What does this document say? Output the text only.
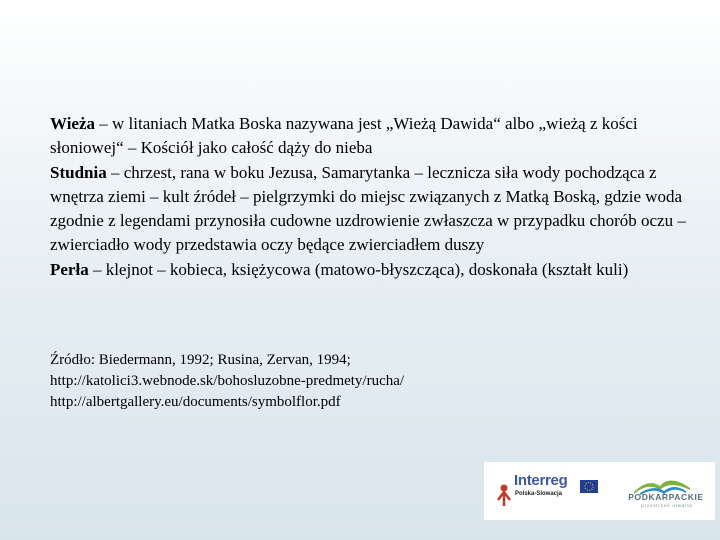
Wieża – w litaniach Matka Boska nazywana jest „Wieżą Dawida“ albo „wieżą z kości słoniowej“ – Kościół jako całość dąży do nieba

Studnia – chrzest, rana w boku Jezusa, Samarytanka – lecznicza siła wody pochodząca z wnętrza ziemi – kult źródeł – pielgrzymki do miejsc związanych z Matką Boską, gdzie woda zgodnie z legendami przynosiła cudowne uzdrowienie zwłaszcza w przypadku chorób oczu – zwierciadło wody przedstawia oczy będące zwierciadłem duszy

Perła – klejnot – kobieca, księżycowa (matowo-błyszcząca), doskonała (kształt kuli)

Źródło: Biedermann, 1992; Rusina, Zervan, 1994;
http://katolici3.webnode.sk/bohosluzobne-predmety/rucha/
http://albertgallery.eu/documents/symbolflor.pdf
Interreg
Polska-Slowacja	PODKARPACKIE
przestrzeń otwarta
